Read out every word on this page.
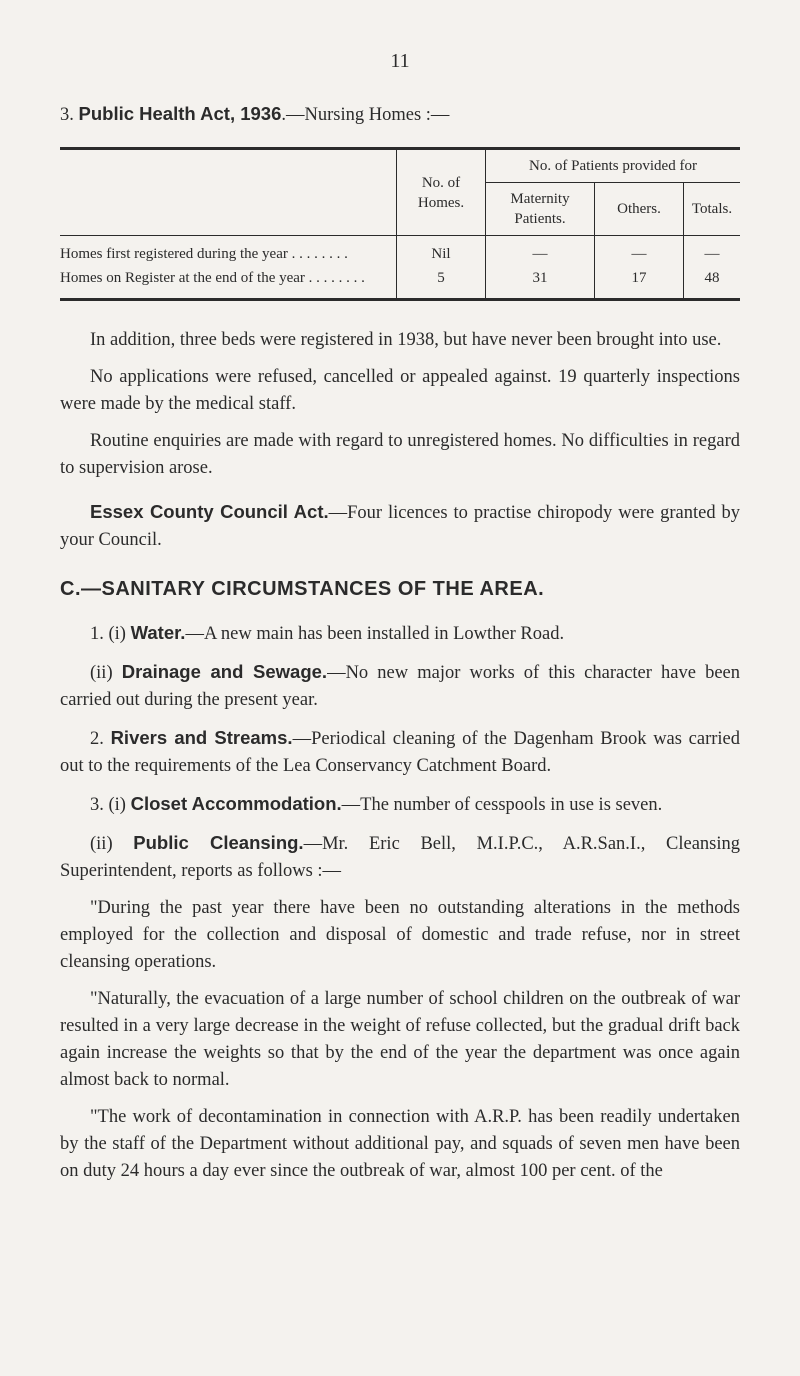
11
3. Public Health Act, 1936.—Nursing Homes :—
	No. of Homes.	No. of Patients provided for		
		Maternity Patients.	Others.	Totals.
Homes first registered during the year . . . . . . . .	Nil	—	—	—
Homes on Register at the end of the year . . . . . . . .	5	31	17	48

In addition, three beds were registered in 1938, but have never been brought into use.

No applications were refused, cancelled or appealed against. 19 quarterly inspections were made by the medical staff.

Routine enquiries are made with regard to unregistered homes. No difficulties in regard to supervision arose.

Essex County Council Act.—Four licences to practise chiropody were granted by your Council.

C.—SANITARY CIRCUMSTANCES OF THE AREA.

1. (i) Water.—A new main has been installed in Lowther Road.

(ii) Drainage and Sewage.—No new major works of this character have been carried out during the present year.

2. Rivers and Streams.—Periodical cleaning of the Dagenham Brook was carried out to the requirements of the Lea Conservancy Catchment Board.

3. (i) Closet Accommodation.—The number of cesspools in use is seven.

(ii) Public Cleansing.—Mr. Eric Bell, M.I.P.C., A.R.San.I., Cleansing Superintendent, reports as follows :—

"During the past year there have been no outstanding alterations in the methods employed for the collection and disposal of domestic and trade refuse, nor in street cleansing operations.

"Naturally, the evacuation of a large number of school children on the outbreak of war resulted in a very large decrease in the weight of refuse collected, but the gradual drift back again increase the weights so that by the end of the year the department was once again almost back to normal.

"The work of decontamination in connection with A.R.P. has been readily undertaken by the staff of the Department without additional pay, and squads of seven men have been on duty 24 hours a day ever since the outbreak of war, almost 100 per cent. of the
